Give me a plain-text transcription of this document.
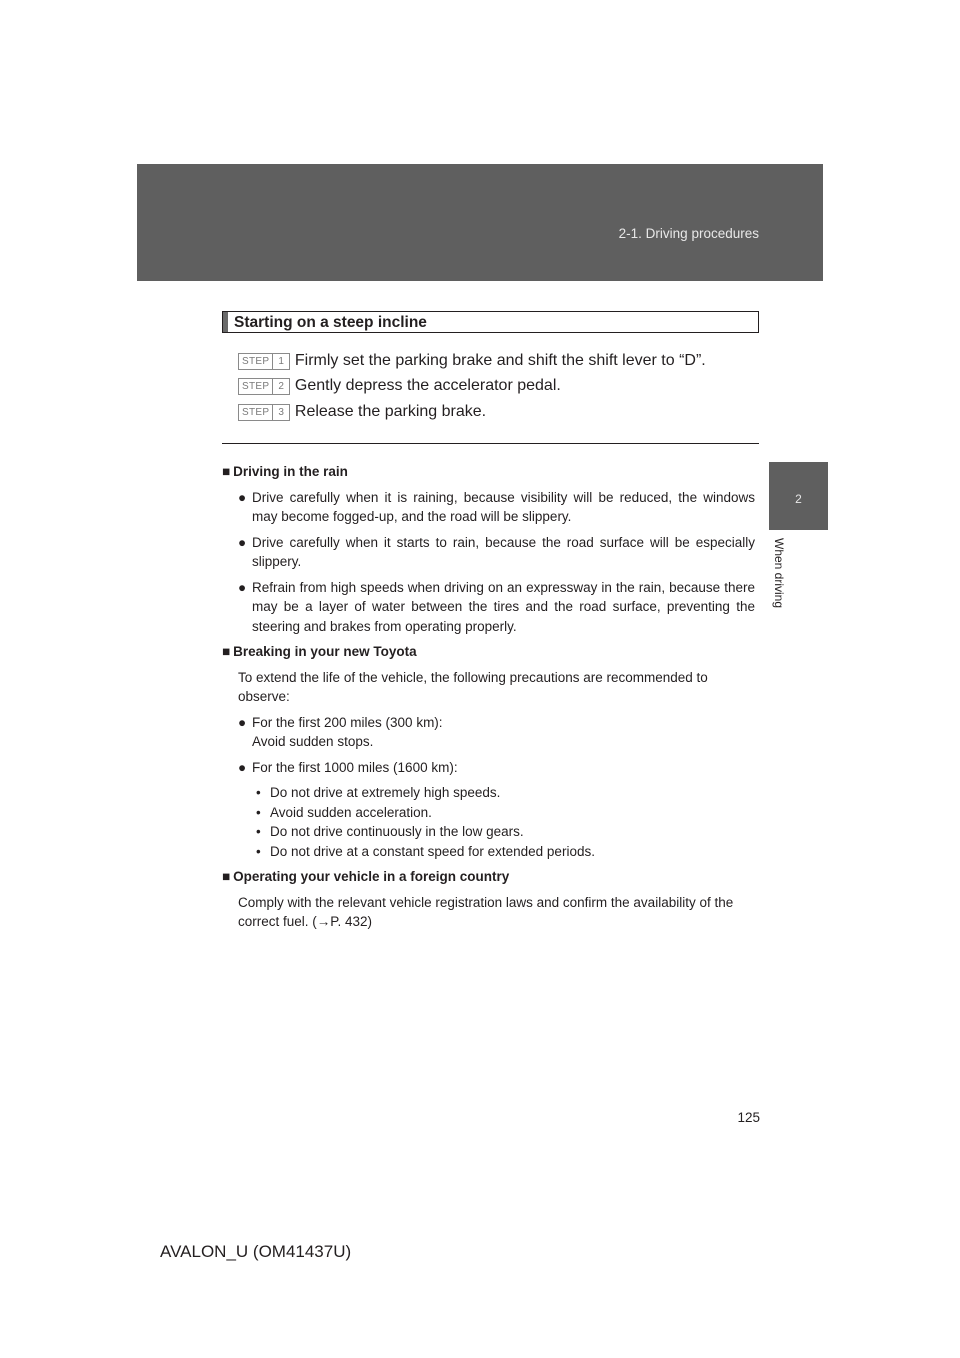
2-1. Driving procedures
2
When driving
Starting on a steep incline
STEP 1 Firmly set the parking brake and shift the shift lever to “D”.
STEP 2 Gently depress the accelerator pedal.
STEP 3 Release the parking brake.
■ Driving in the rain
● Drive carefully when it is raining, because visibility will be reduced, the windows may become fogged-up, and the road will be slippery.
● Drive carefully when it starts to rain, because the road surface will be especially slippery.
● Refrain from high speeds when driving on an expressway in the rain, because there may be a layer of water between the tires and the road surface, preventing the steering and brakes from operating properly.
■ Breaking in your new Toyota
To extend the life of the vehicle, the following precautions are recommended to observe:
● For the first 200 miles (300 km):
Avoid sudden stops.
● For the first 1000 miles (1600 km):
• Do not drive at extremely high speeds.
• Avoid sudden acceleration.
• Do not drive continuously in the low gears.
• Do not drive at a constant speed for extended periods.
■ Operating your vehicle in a foreign country
Comply with the relevant vehicle registration laws and confirm the availability of the correct fuel. (→P. 432)
125
AVALON_U (OM41437U)
